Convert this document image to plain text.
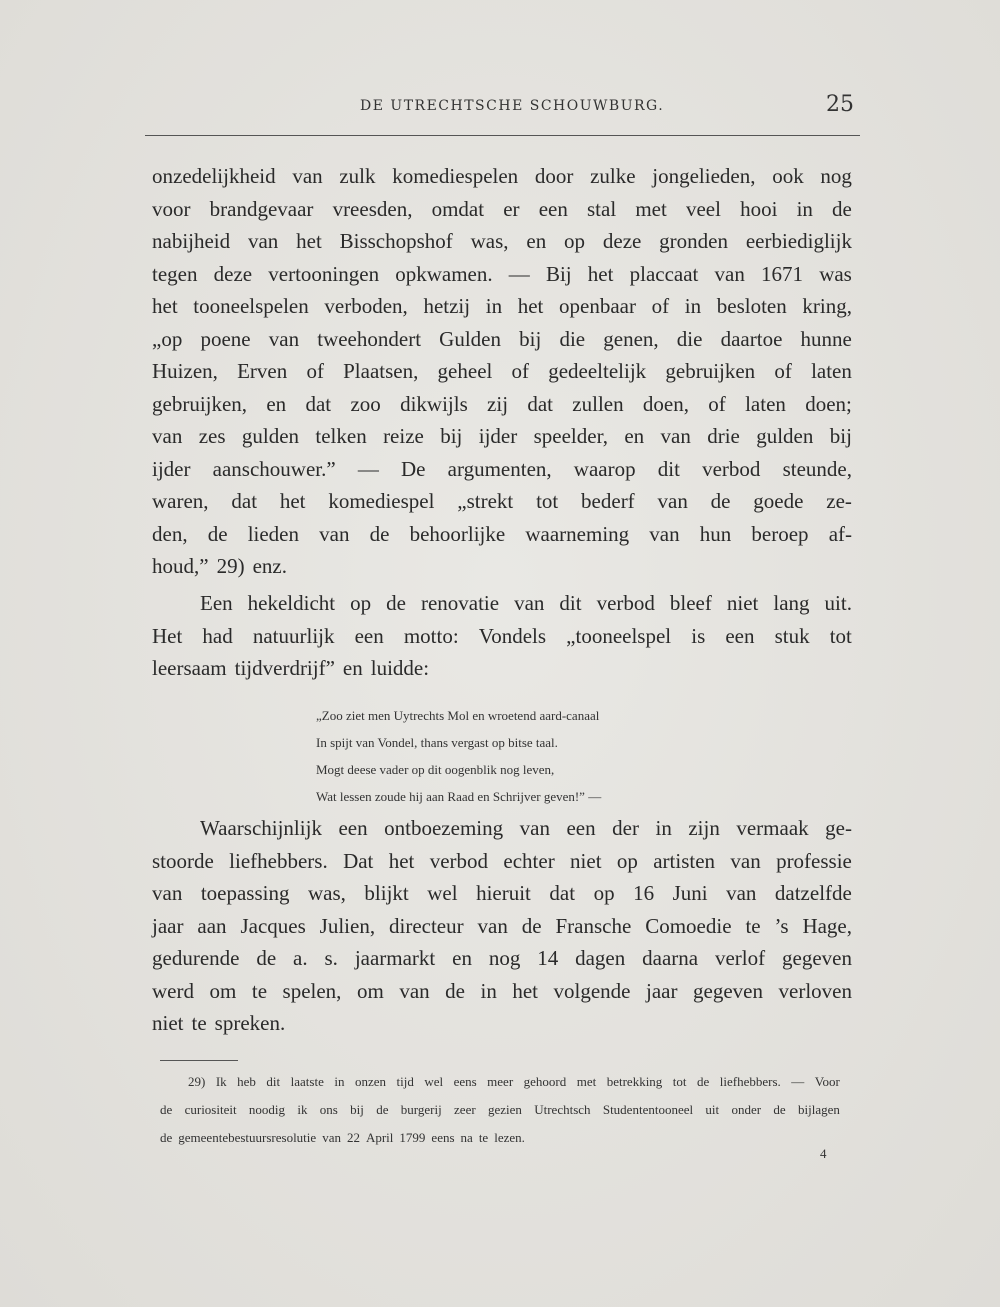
DE UTRECHTSCHE SCHOUWBURG.	25
onzedelijkheid van zulk komediespelen door zulke jongelieden, ook nog
voor brandgevaar vreesden, omdat er een stal met veel hooi in de
nabijheid van het Bisschopshof was, en op deze gronden eerbiediglijk
tegen deze vertooningen opkwamen. — Bij het placcaat van 1671 was
het tooneelspelen verboden, hetzij in het openbaar of in besloten kring,
„op poene van tweehondert Gulden bij die genen, die daartoe hunne
Huizen, Erven of Plaatsen, geheel of gedeeltelijk gebruijken of laten
gebruijken, en dat zoo dikwijls zij dat zullen doen, of laten doen;
van zes gulden telken reize bij ijder speelder, en van drie gulden bij
ijder aanschouwer.” — De argumenten, waarop dit verbod steunde,
waren, dat het komediespel „strekt tot bederf van de goede ze-
den, de lieden van de behoorlijke waarneming van hun beroep af-
houd,” 29) enz.
Een hekeldicht op de renovatie van dit verbod bleef niet lang uit.
Het had natuurlijk een motto: Vondels „tooneelspel is een stuk tot
leersaam tijdverdrijf” en luidde:
„Zoo ziet men Uytrechts Mol en wroetend aard-canaal
In spijt van Vondel, thans vergast op bitse taal.
Mogt deese vader op dit oogenblik nog leven,
Wat lessen zoude hij aan Raad en Schrijver geven!” —
Waarschijnlijk een ontboezeming van een der in zijn vermaak ge-
stoorde liefhebbers. Dat het verbod echter niet op artisten van professie
van toepassing was, blijkt wel hieruit dat op 16 Juni van datzelfde
jaar aan Jacques Julien, directeur van de Fransche Comoedie te ’s Hage,
gedurende de a. s. jaarmarkt en nog 14 dagen daarna verlof gegeven
werd om te spelen, om van de in het volgende jaar gegeven verloven
niet te spreken.
29) Ik heb dit laatste in onzen tijd wel eens meer gehoord met betrekking tot de liefhebbers. — Voor
de curiositeit noodig ik ons bij de burgerij zeer gezien Utrechtsch Studententooneel uit onder de bijlagen
de gemeentebestuursresolutie van 22 April 1799 eens na te lezen.
4
